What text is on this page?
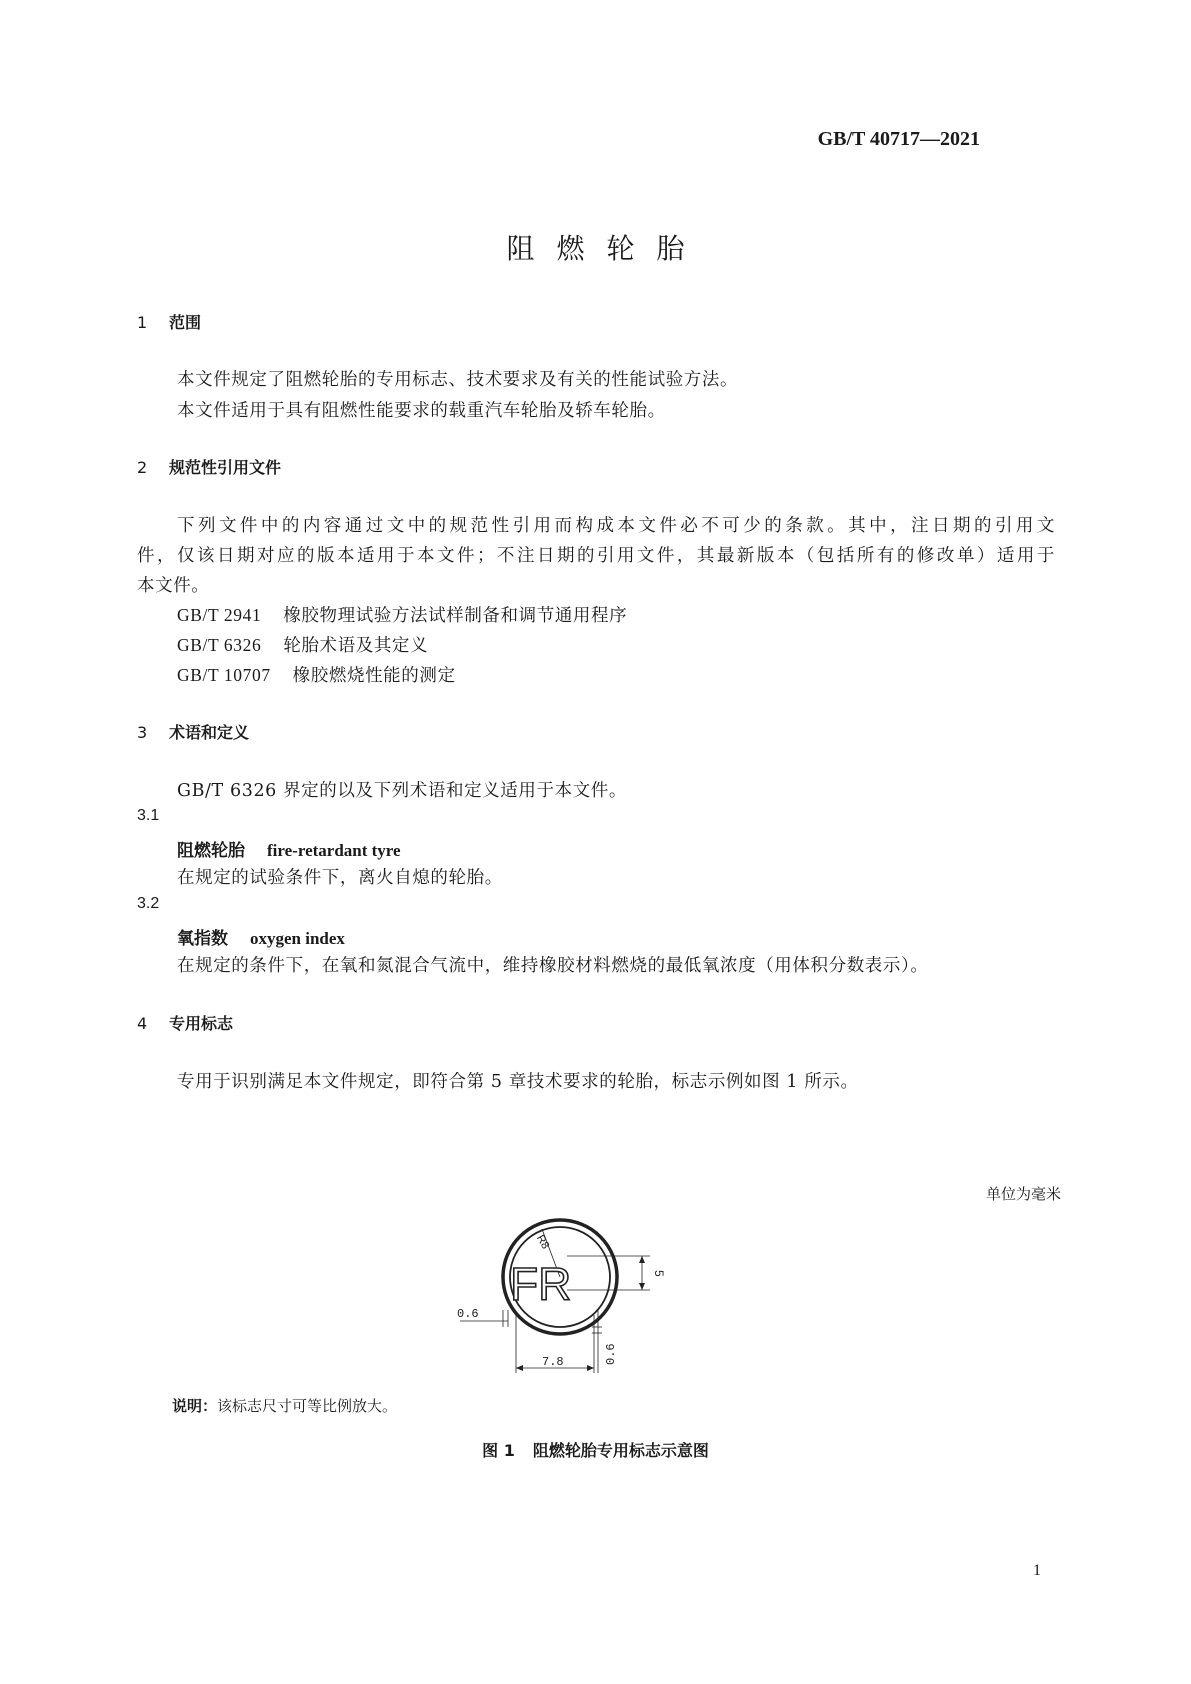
GB/T 40717—2021
阻燃轮胎
1 范围
本文件规定了阻燃轮胎的专用标志、技术要求及有关的性能试验方法。
本文件适用于具有阻燃性能要求的载重汽车轮胎及轿车轮胎。
2 规范性引用文件
下列文件中的内容通过文中的规范性引用而构成本文件必不可少的条款。其中，注日期的引用文
件，仅该日期对应的版本适用于本文件；不注日期的引用文件，其最新版本（包括所有的修改单）适用于
本文件。
GB/T 2941 橡胶物理试验方法试样制备和调节通用程序
GB/T 6326 轮胎术语及其定义
GB/T 10707 橡胶燃烧性能的测定
3 术语和定义
GB/T 6326 界定的以及下列术语和定义适用于本文件。
3.1
阻燃轮胎 fire-retardant tyre
在规定的试验条件下，离火自熄的轮胎。
3.2
氧指数 oxygen index
在规定的条件下，在氧和氮混合气流中，维持橡胶材料燃烧的最低氧浓度（用体积分数表示）。
4 专用标志
专用于识别满足本文件规定，即符合第 5 章技术要求的轮胎，标志示例如图 1 所示。
单位为毫米
FR
R8
5
0.6
7.8	0.6
说明：该标志尺寸可等比例放大。
图 1 阻燃轮胎专用标志示意图
1
